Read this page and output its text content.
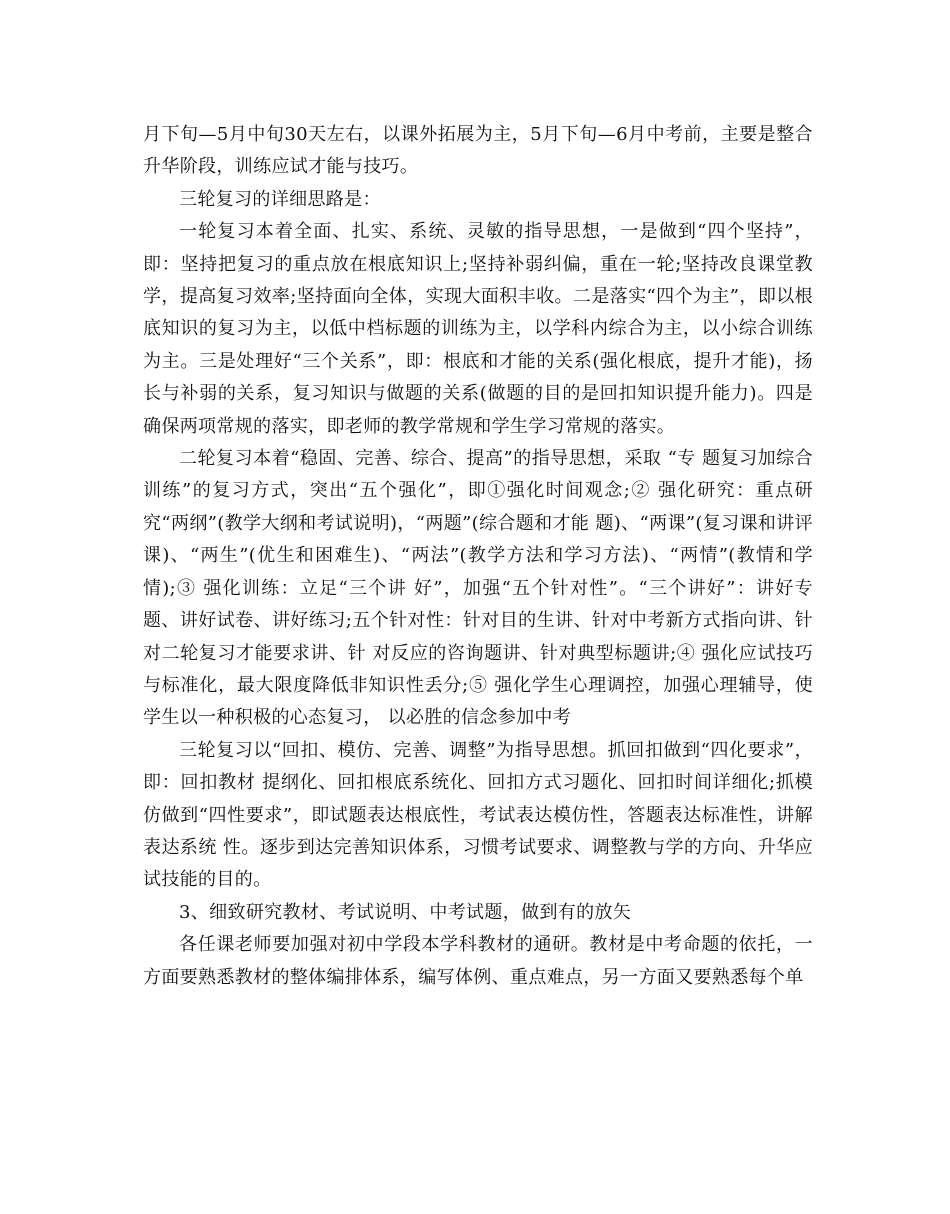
月下旬—5月中旬30天左右，以课外拓展为主，5月下旬—6月中考前，主要是整合升华阶段，训练应试才能与技巧。

三轮复习的详细思路是：

一轮复习本着全面、扎实、系统、灵敏的指导思想，一是做到“四个坚持”，即：坚持把复习的重点放在根底知识上;坚持补弱纠偏，重在一轮;坚持改良课堂教学，提高复习效率;坚持面向全体，实现大面积丰收。二是落实“四个为主”，即以根底知识的复习为主，以低中档标题的训练为主，以学科内综合为主，以小综合训练为主。三是处理好“三个关系”，即：根底和才能的关系(强化根底，提升才能)，扬长与补弱的关系，复习知识与做题的关系(做题的目的是回扣知识提升能力)。四是确保两项常规的落实，即老师的教学常规和学生学习常规的落实。

二轮复习本着“稳固、完善、综合、提高”的指导思想，采取 “专 题复习加综合训练”的复习方式，突出“五个强化”，即①强化时间观念;② 强化研究：重点研究“两纲”(教学大纲和考试说明)，“两题”(综合题和才能 题)、“两课”(复习课和讲评课)、“两生”(优生和困难生)、“两法”(教学方法和学习方法)、“两情”(教情和学情);③ 强化训练：立足“三个讲 好”，加强“五个针对性”。“三个讲好”：讲好专题、讲好试卷、讲好练习;五个针对性：针对目的生讲、针对中考新方式指向讲、针对二轮复习才能要求讲、针 对反应的咨询题讲、针对典型标题讲;④ 强化应试技巧与标准化，最大限度降低非知识性丢分;⑤ 强化学生心理调控，加强心理辅导，使学生以一种积极的心态复习， 以必胜的信念参加中考

三轮复习以“回扣、模仿、完善、调整”为指导思想。抓回扣做到“四化要求”，即：回扣教材 提纲化、回扣根底系统化、回扣方式习题化、回扣时间详细化;抓模仿做到“四性要求”，即试题表达根底性，考试表达模仿性，答题表达标准性，讲解表达系统 性。逐步到达完善知识体系，习惯考试要求、调整教与学的方向、升华应试技能的目的。

3、细致研究教材、考试说明、中考试题，做到有的放矢

各任课老师要加强对初中学段本学科教材的通研。教材是中考命题的依托，一方面要熟悉教材的整体编排体系，编写体例、重点难点，另一方面又要熟悉每个单
